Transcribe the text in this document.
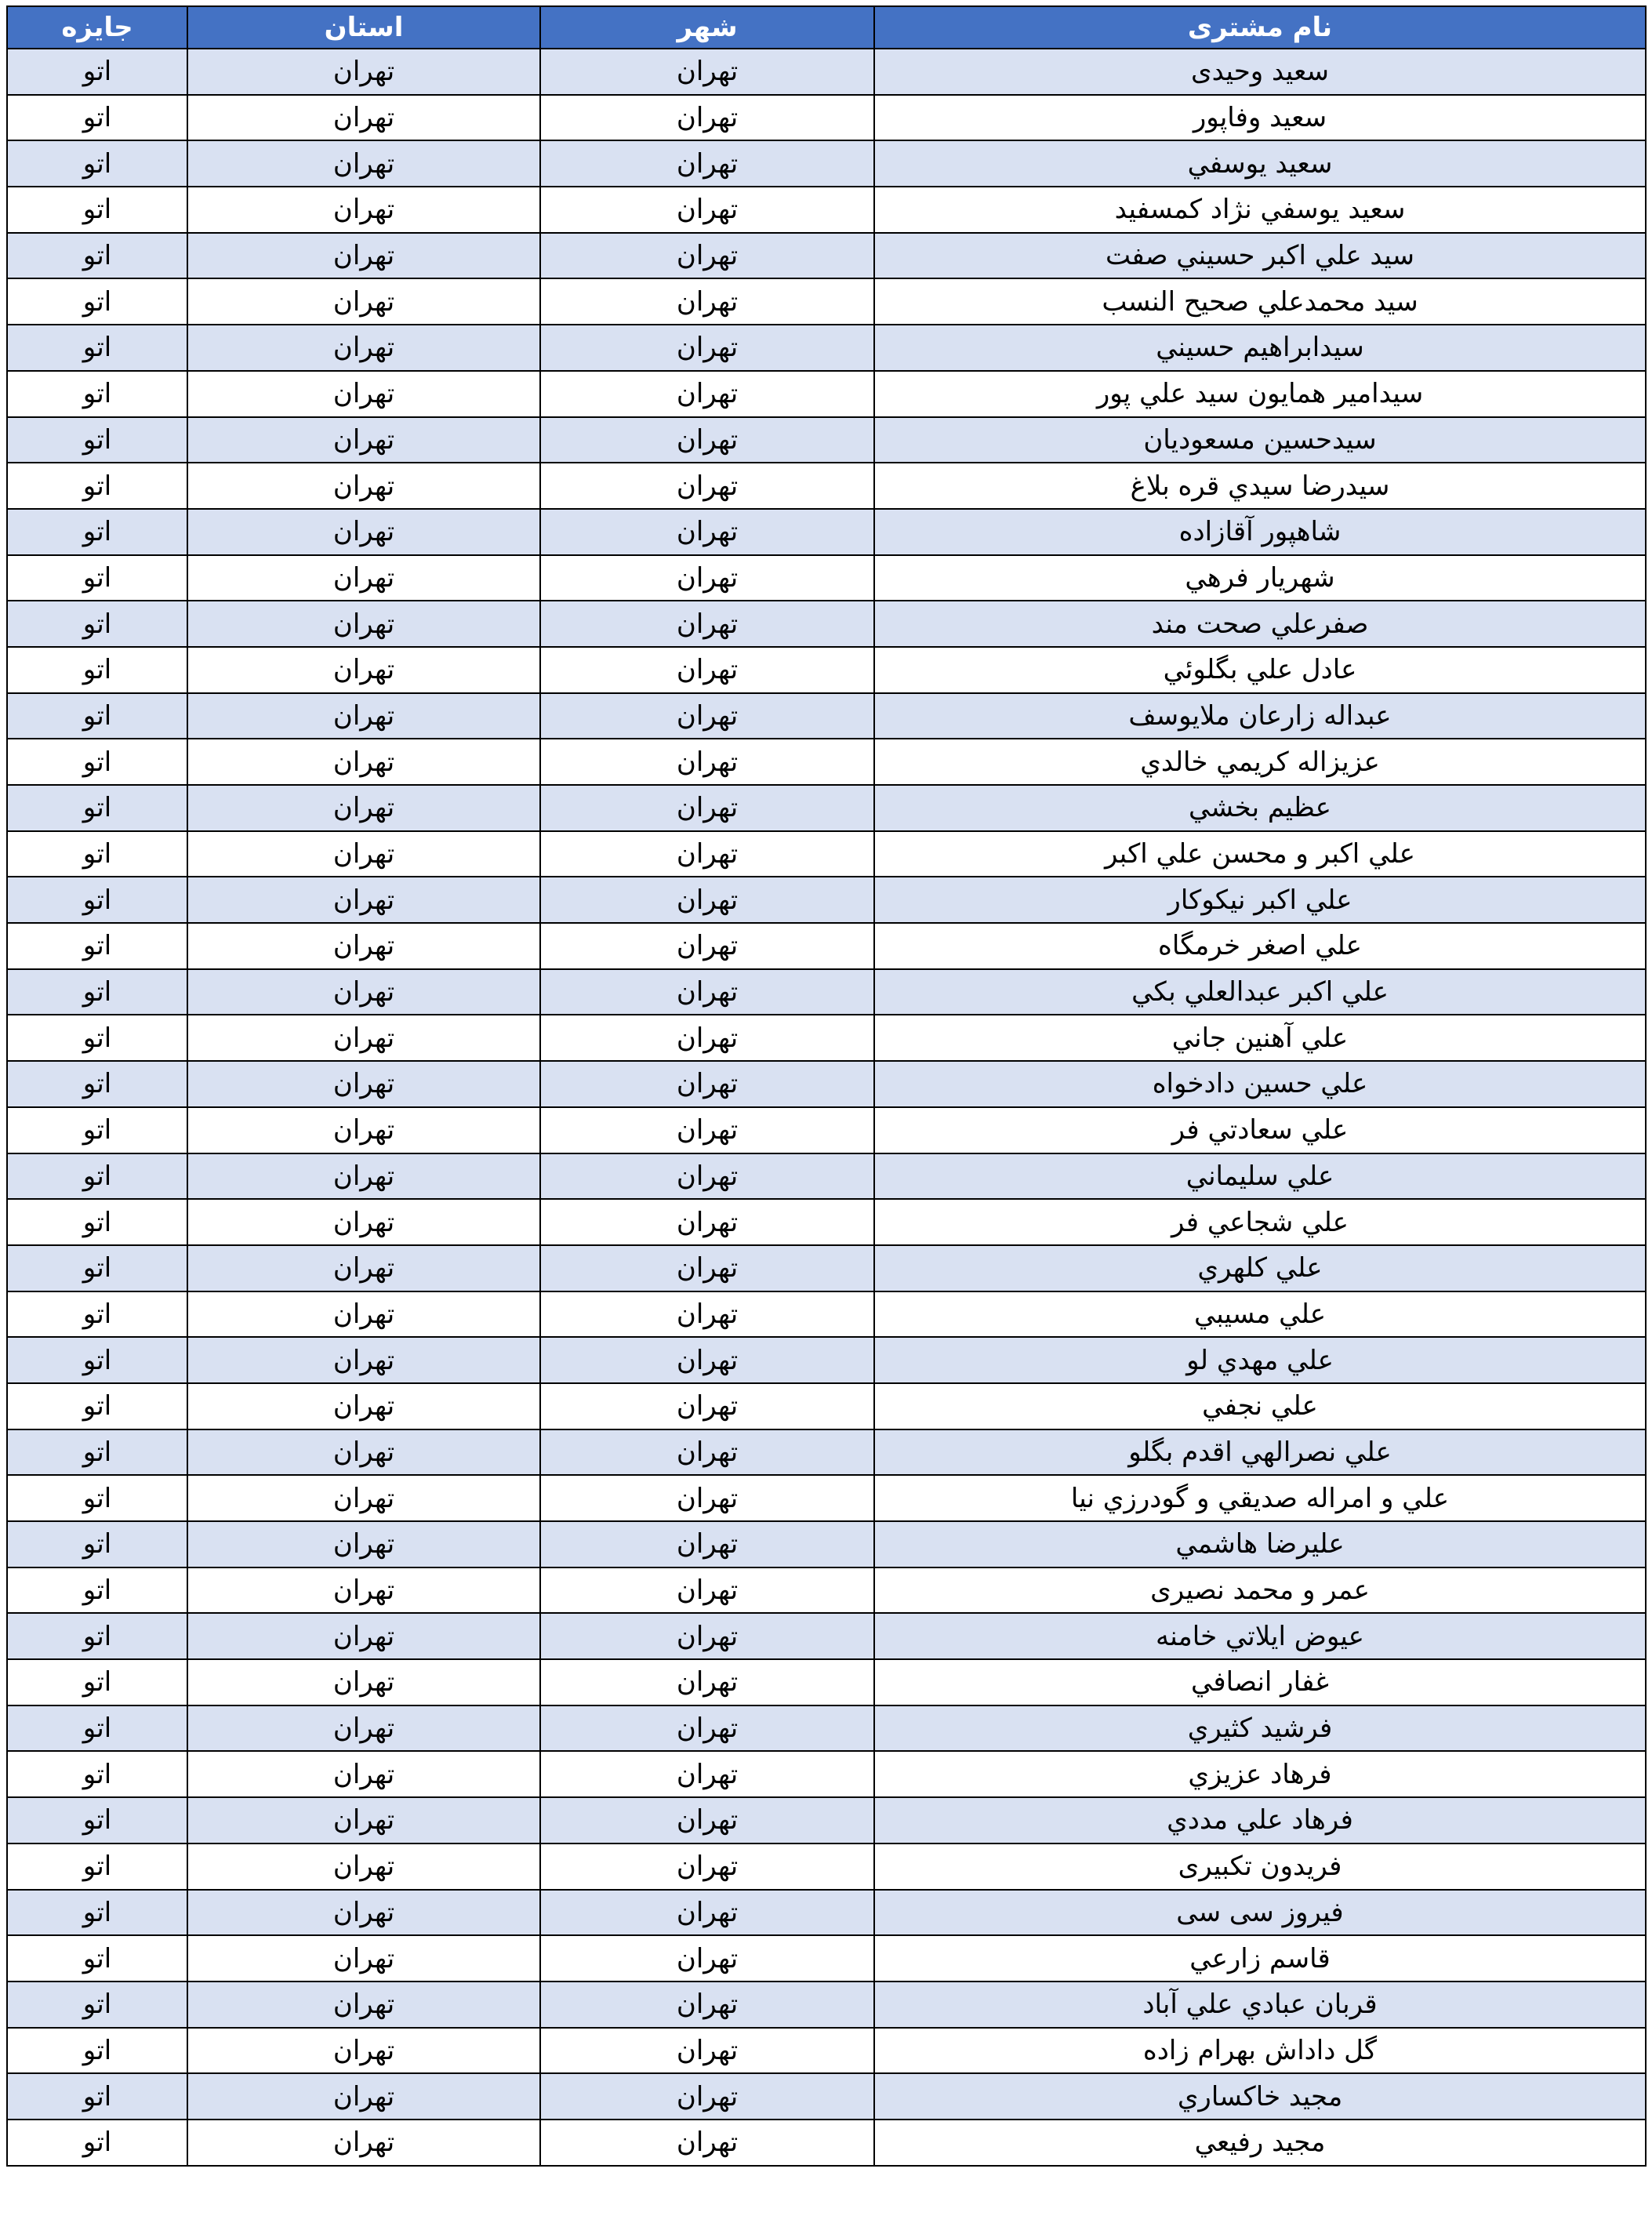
جایزه	استان	شهر	نام مشتری
اتو	تهران	تهران	سعيد وحيدی
اتو	تهران	تهران	سعيد وفاپور
اتو	تهران	تهران	سعيد يوسفي
اتو	تهران	تهران	سعيد يوسفي نژاد کمسفيد
اتو	تهران	تهران	سيد علي اکبر حسيني صفت
اتو	تهران	تهران	سيد محمدعلي صحيح النسب
اتو	تهران	تهران	سيدابراهيم حسيني
اتو	تهران	تهران	سيدامير همايون سيد علي پور
اتو	تهران	تهران	سيدحسين مسعوديان
اتو	تهران	تهران	سيدرضا سيدي قره بلاغ
اتو	تهران	تهران	شاهپور آقازاده
اتو	تهران	تهران	شهريار فرهي
اتو	تهران	تهران	صفرعلي صحت مند
اتو	تهران	تهران	عادل علي بگلوئي
اتو	تهران	تهران	عبداله زارعان ملايوسف
اتو	تهران	تهران	عزيزاله کريمي خالدي
اتو	تهران	تهران	عظيم بخشي
اتو	تهران	تهران	علي اکبر و محسن علي اکبر
اتو	تهران	تهران	علي اکبر نيکوکار
اتو	تهران	تهران	علي اصغر خرمگاه
اتو	تهران	تهران	علي اکبر عبدالعلي بکي
اتو	تهران	تهران	علي آهنين جاني
اتو	تهران	تهران	علي حسين دادخواه
اتو	تهران	تهران	علي سعادتي فر
اتو	تهران	تهران	علي سليماني
اتو	تهران	تهران	علي شجاعي فر
اتو	تهران	تهران	علي کلهري
اتو	تهران	تهران	علي مسيبي
اتو	تهران	تهران	علي مهدي لو
اتو	تهران	تهران	علي نجفي
اتو	تهران	تهران	علي نصرالهي اقدم بگلو
اتو	تهران	تهران	علي و امراله صديقي و گودرزي نيا
اتو	تهران	تهران	عليرضا هاشمي
اتو	تهران	تهران	عمر و محمد نصيری
اتو	تهران	تهران	عيوض ايلاتي خامنه
اتو	تهران	تهران	غفار انصافي
اتو	تهران	تهران	فرشيد کثيري
اتو	تهران	تهران	فرهاد عزيزي
اتو	تهران	تهران	فرهاد علي مددي
اتو	تهران	تهران	فريدون تکبيری
اتو	تهران	تهران	فيروز سی سی
اتو	تهران	تهران	قاسم زارعي
اتو	تهران	تهران	قربان عبادي علي آباد
اتو	تهران	تهران	گل داداش بهرام زاده
اتو	تهران	تهران	مجيد خاکساري
اتو	تهران	تهران	مجيد رفيعي
